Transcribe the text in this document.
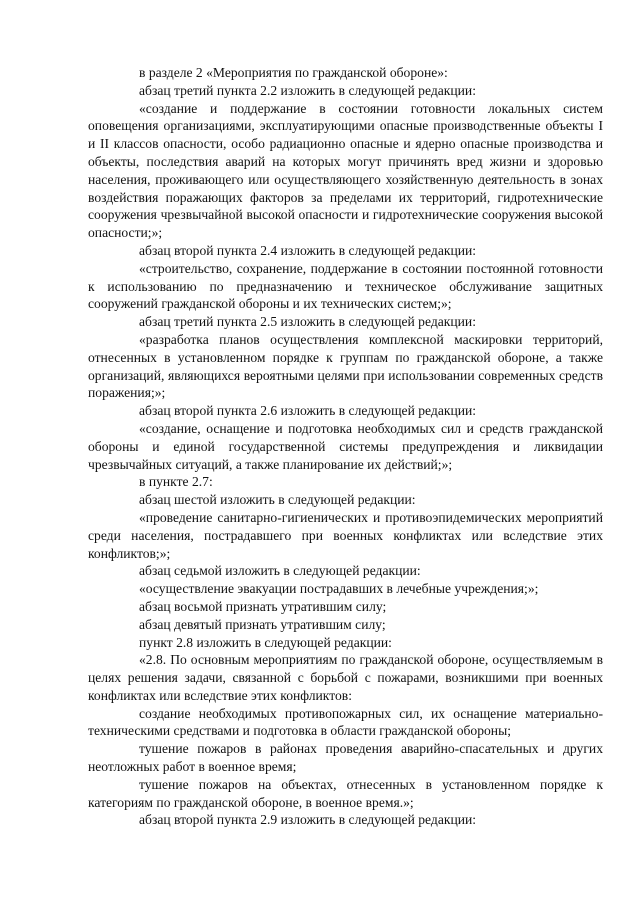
в разделе 2 «Мероприятия по гражданской обороне»:

абзац третий пункта 2.2 изложить в следующей редакции:

«создание и поддержание в состоянии готовности локальных систем оповещения организациями, эксплуатирующими опасные производственные объекты I и II классов опасности, особо радиационно опасные и ядерно опасные производства и объекты, последствия аварий на которых могут причинять вред жизни и здоровью населения, проживающего или осуществляющего хозяйственную деятельность в зонах воздействия поражающих факторов за пределами их территорий, гидротехнические сооружения чрезвычайной высокой опасности и гидротехнические сооружения высокой опасности;»;

абзац второй пункта 2.4 изложить в следующей редакции:

«строительство, сохранение, поддержание в состоянии постоянной готовности к использованию по предназначению и техническое обслуживание защитных сооружений гражданской обороны и их технических систем;»;

абзац третий пункта 2.5 изложить в следующей редакции:

«разработка планов осуществления комплексной маскировки территорий, отнесенных в установленном порядке к группам по гражданской обороне, а также организаций, являющихся вероятными целями при использовании современных средств поражения;»;

абзац второй пункта 2.6 изложить в следующей редакции:

«создание, оснащение и подготовка необходимых сил и средств гражданской обороны и единой государственной системы предупреждения и ликвидации чрезвычайных ситуаций, а также планирование их действий;»;

в пункте 2.7:

абзац шестой изложить в следующей редакции:

«проведение санитарно-гигиенических и противоэпидемических мероприятий среди населения, пострадавшего при военных конфликтах или вследствие этих конфликтов;»;

абзац седьмой изложить в следующей редакции:

«осуществление эвакуации пострадавших в лечебные учреждения;»;

абзац восьмой признать утратившим силу;

абзац девятый признать утратившим силу;

пункт 2.8 изложить в следующей редакции:

«2.8. По основным мероприятиям по гражданской обороне, осуществляемым в целях решения задачи, связанной с борьбой с пожарами, возникшими при военных конфликтах или вследствие этих конфликтов:

создание необходимых противопожарных сил, их оснащение материально-техническими средствами и подготовка в области гражданской обороны;

тушение пожаров в районах проведения аварийно-спасательных и других неотложных работ в военное время;

тушение пожаров на объектах, отнесенных в установленном порядке к категориям по гражданской обороне, в военное время.»;

абзац второй пункта 2.9 изложить в следующей редакции:
